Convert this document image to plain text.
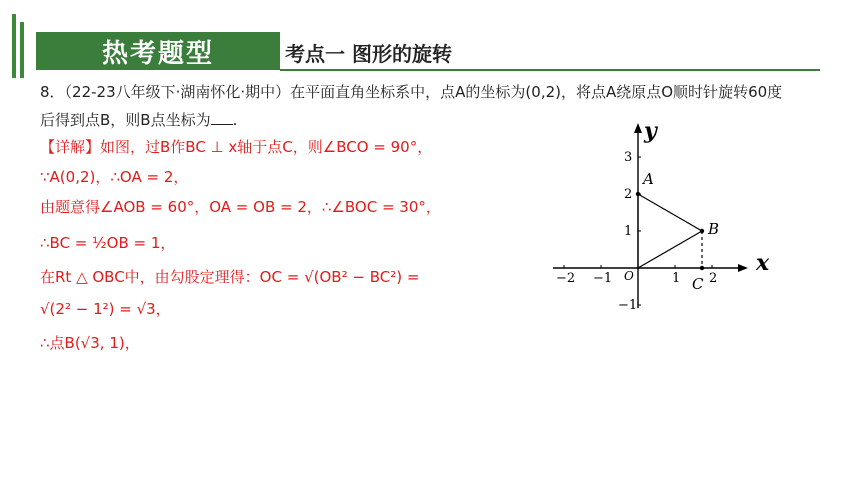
热考题型	考点一 图形的旋转
8．（22-23八年级下·湖南怀化·期中）在平面直角坐标系中，点A的坐标为(0,2)，将点A绕原点O顺时针旋转60度
后得到点B，则B点坐标为 .
【详解】如图，过B作BC ⊥ x轴于点C，则∠BCO = 90°，
∵A(0,2)，∴OA = 2，
由题意得∠AOB = 60°，OA = OB = 2，∴∠BOC = 30°，
∴BC = ½OB = 1，
在Rt △ OBC中，由勾股定理得：OC = √(OB² − BC²) =
√(2² − 1²) = √3，
∴点B(√3, 1)，
−2 −1	1 2
3
2
1
−1
x
y
O
A
B
C
